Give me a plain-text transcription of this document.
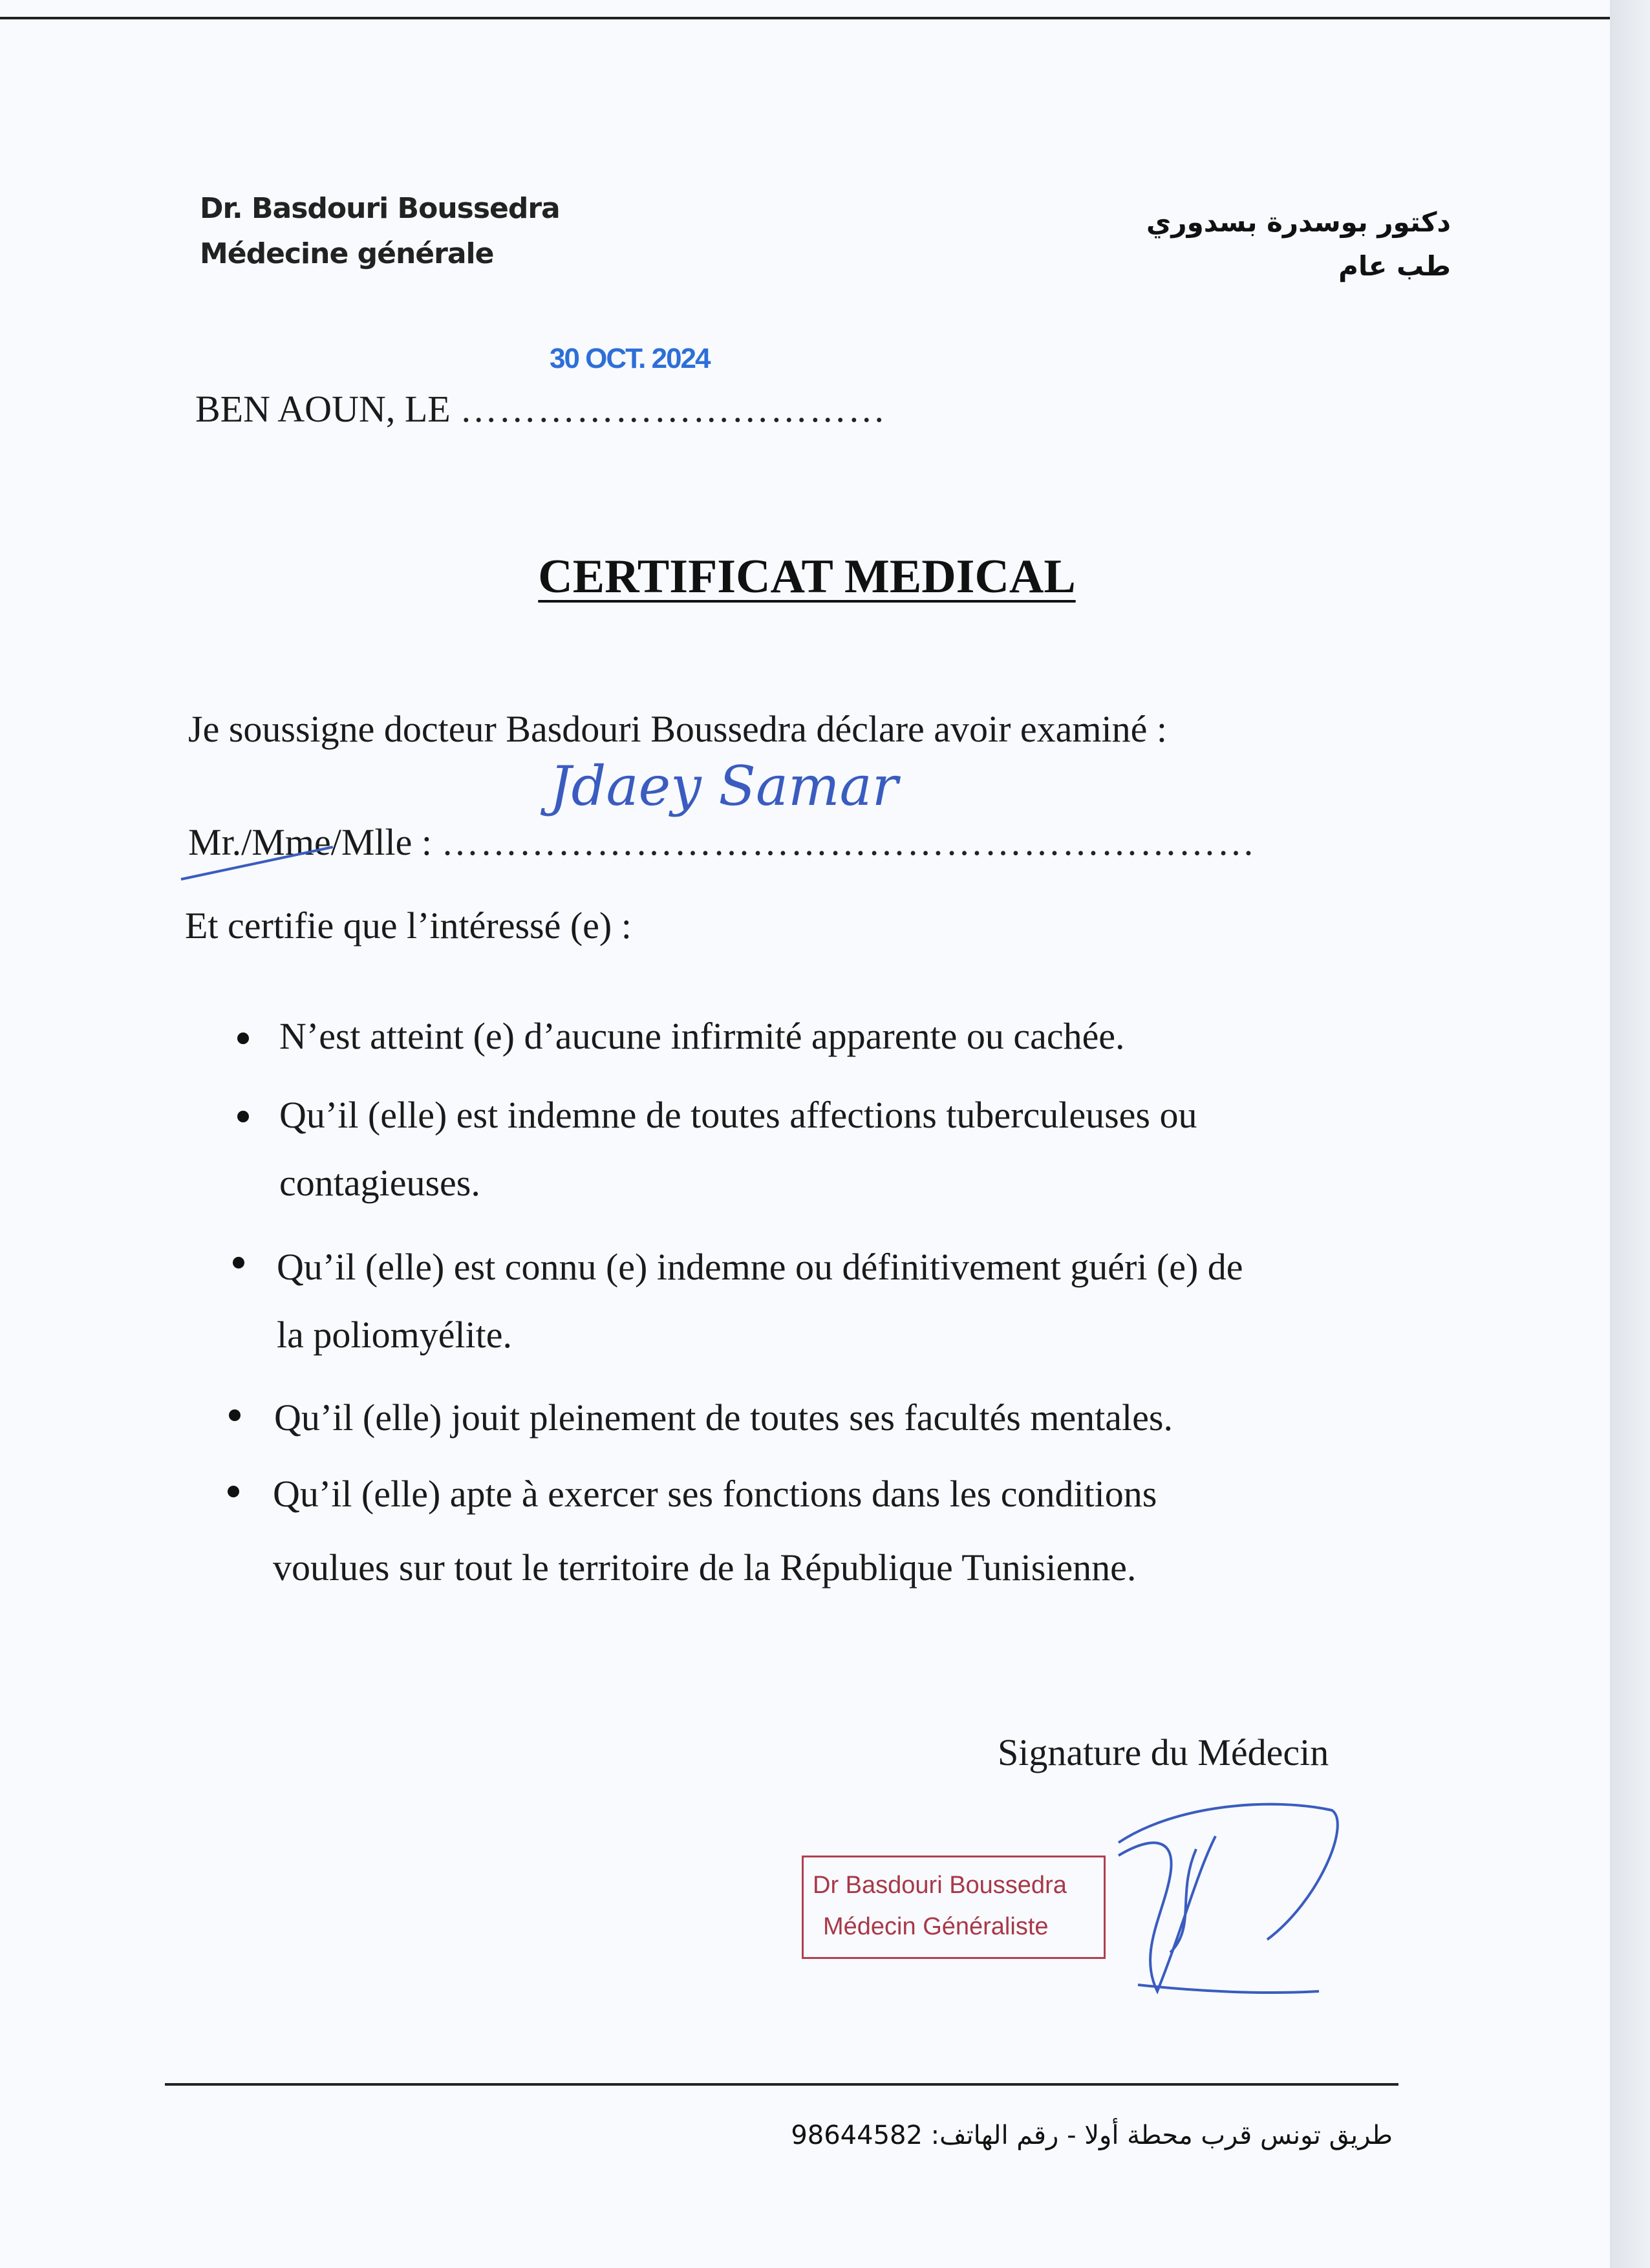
Dr. Basdouri Boussedra
Médecine générale
دكتور بوسدرة بسدوري
طب عام
30 OCT. 2024
BEN AOUN, LE ……………………………
CERTIFICAT MEDICAL
Je soussigne docteur Basdouri Boussedra déclare avoir examiné :
Jdaey Samar
Mr./Mme/Mlle : ………………………………………………………
Et certifie que l’intéressé (e) :
N’est atteint (e) d’aucune infirmité apparente ou cachée.
Qu’il (elle) est indemne de toutes affections tuberculeuses ou
contagieuses.
Qu’il (elle) est connu (e) indemne ou définitivement guéri (e) de
la poliomyélite.
Qu’il (elle) jouit pleinement de toutes ses facultés mentales.
Qu’il (elle) apte à exercer ses fonctions dans les conditions
voulues sur tout le territoire de la République Tunisienne.
Signature du Médecin
Dr Basdouri Boussedra
Médecin Généraliste
طريق تونس قرب محطة أولا - رقم الهاتف: 98644582
